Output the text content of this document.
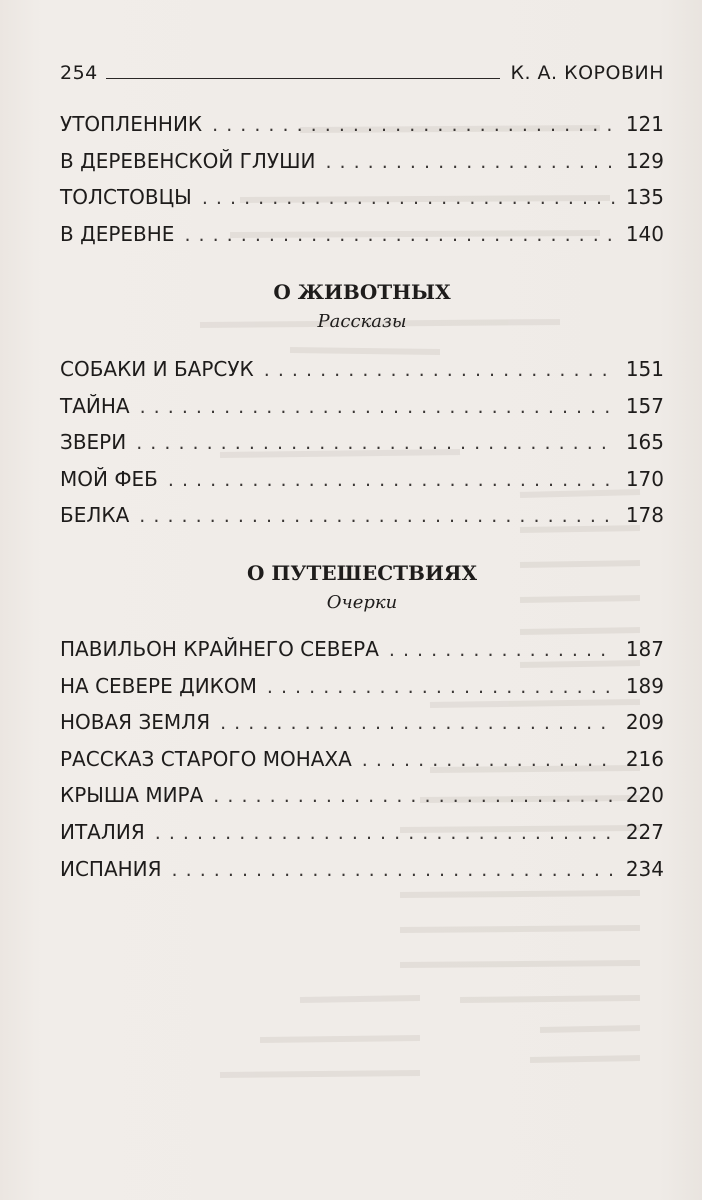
254	К. А. КОРОВИН
УТОПЛЕННИК . . .	121
В ДЕРЕВЕНСКОЙ ГЛУШИ . . .	129
ТОЛСТОВЦЫ . . .	135
В ДЕРЕВНЕ . . .	140
О ЖИВОТНЫХ
Рассказы
СОБАКИ И БАРСУК . . .	151
ТАЙНА . . .	157
ЗВЕРИ . . .	165
МОЙ ФЕБ . . .	170
БЕЛКА . . .	178
О ПУТЕШЕСТВИЯХ
Очерки
ПАВИЛЬОН КРАЙНЕГО СЕВЕРА . . .	187
НА СЕВЕРЕ ДИКОМ . . .	189
НОВАЯ ЗЕМЛЯ . . .	209
РАССКАЗ СТАРОГО МОНАХА . . .	216
КРЫША МИРА . . .	220
ИТАЛИЯ . . .	227
ИСПАНИЯ . . .	234
